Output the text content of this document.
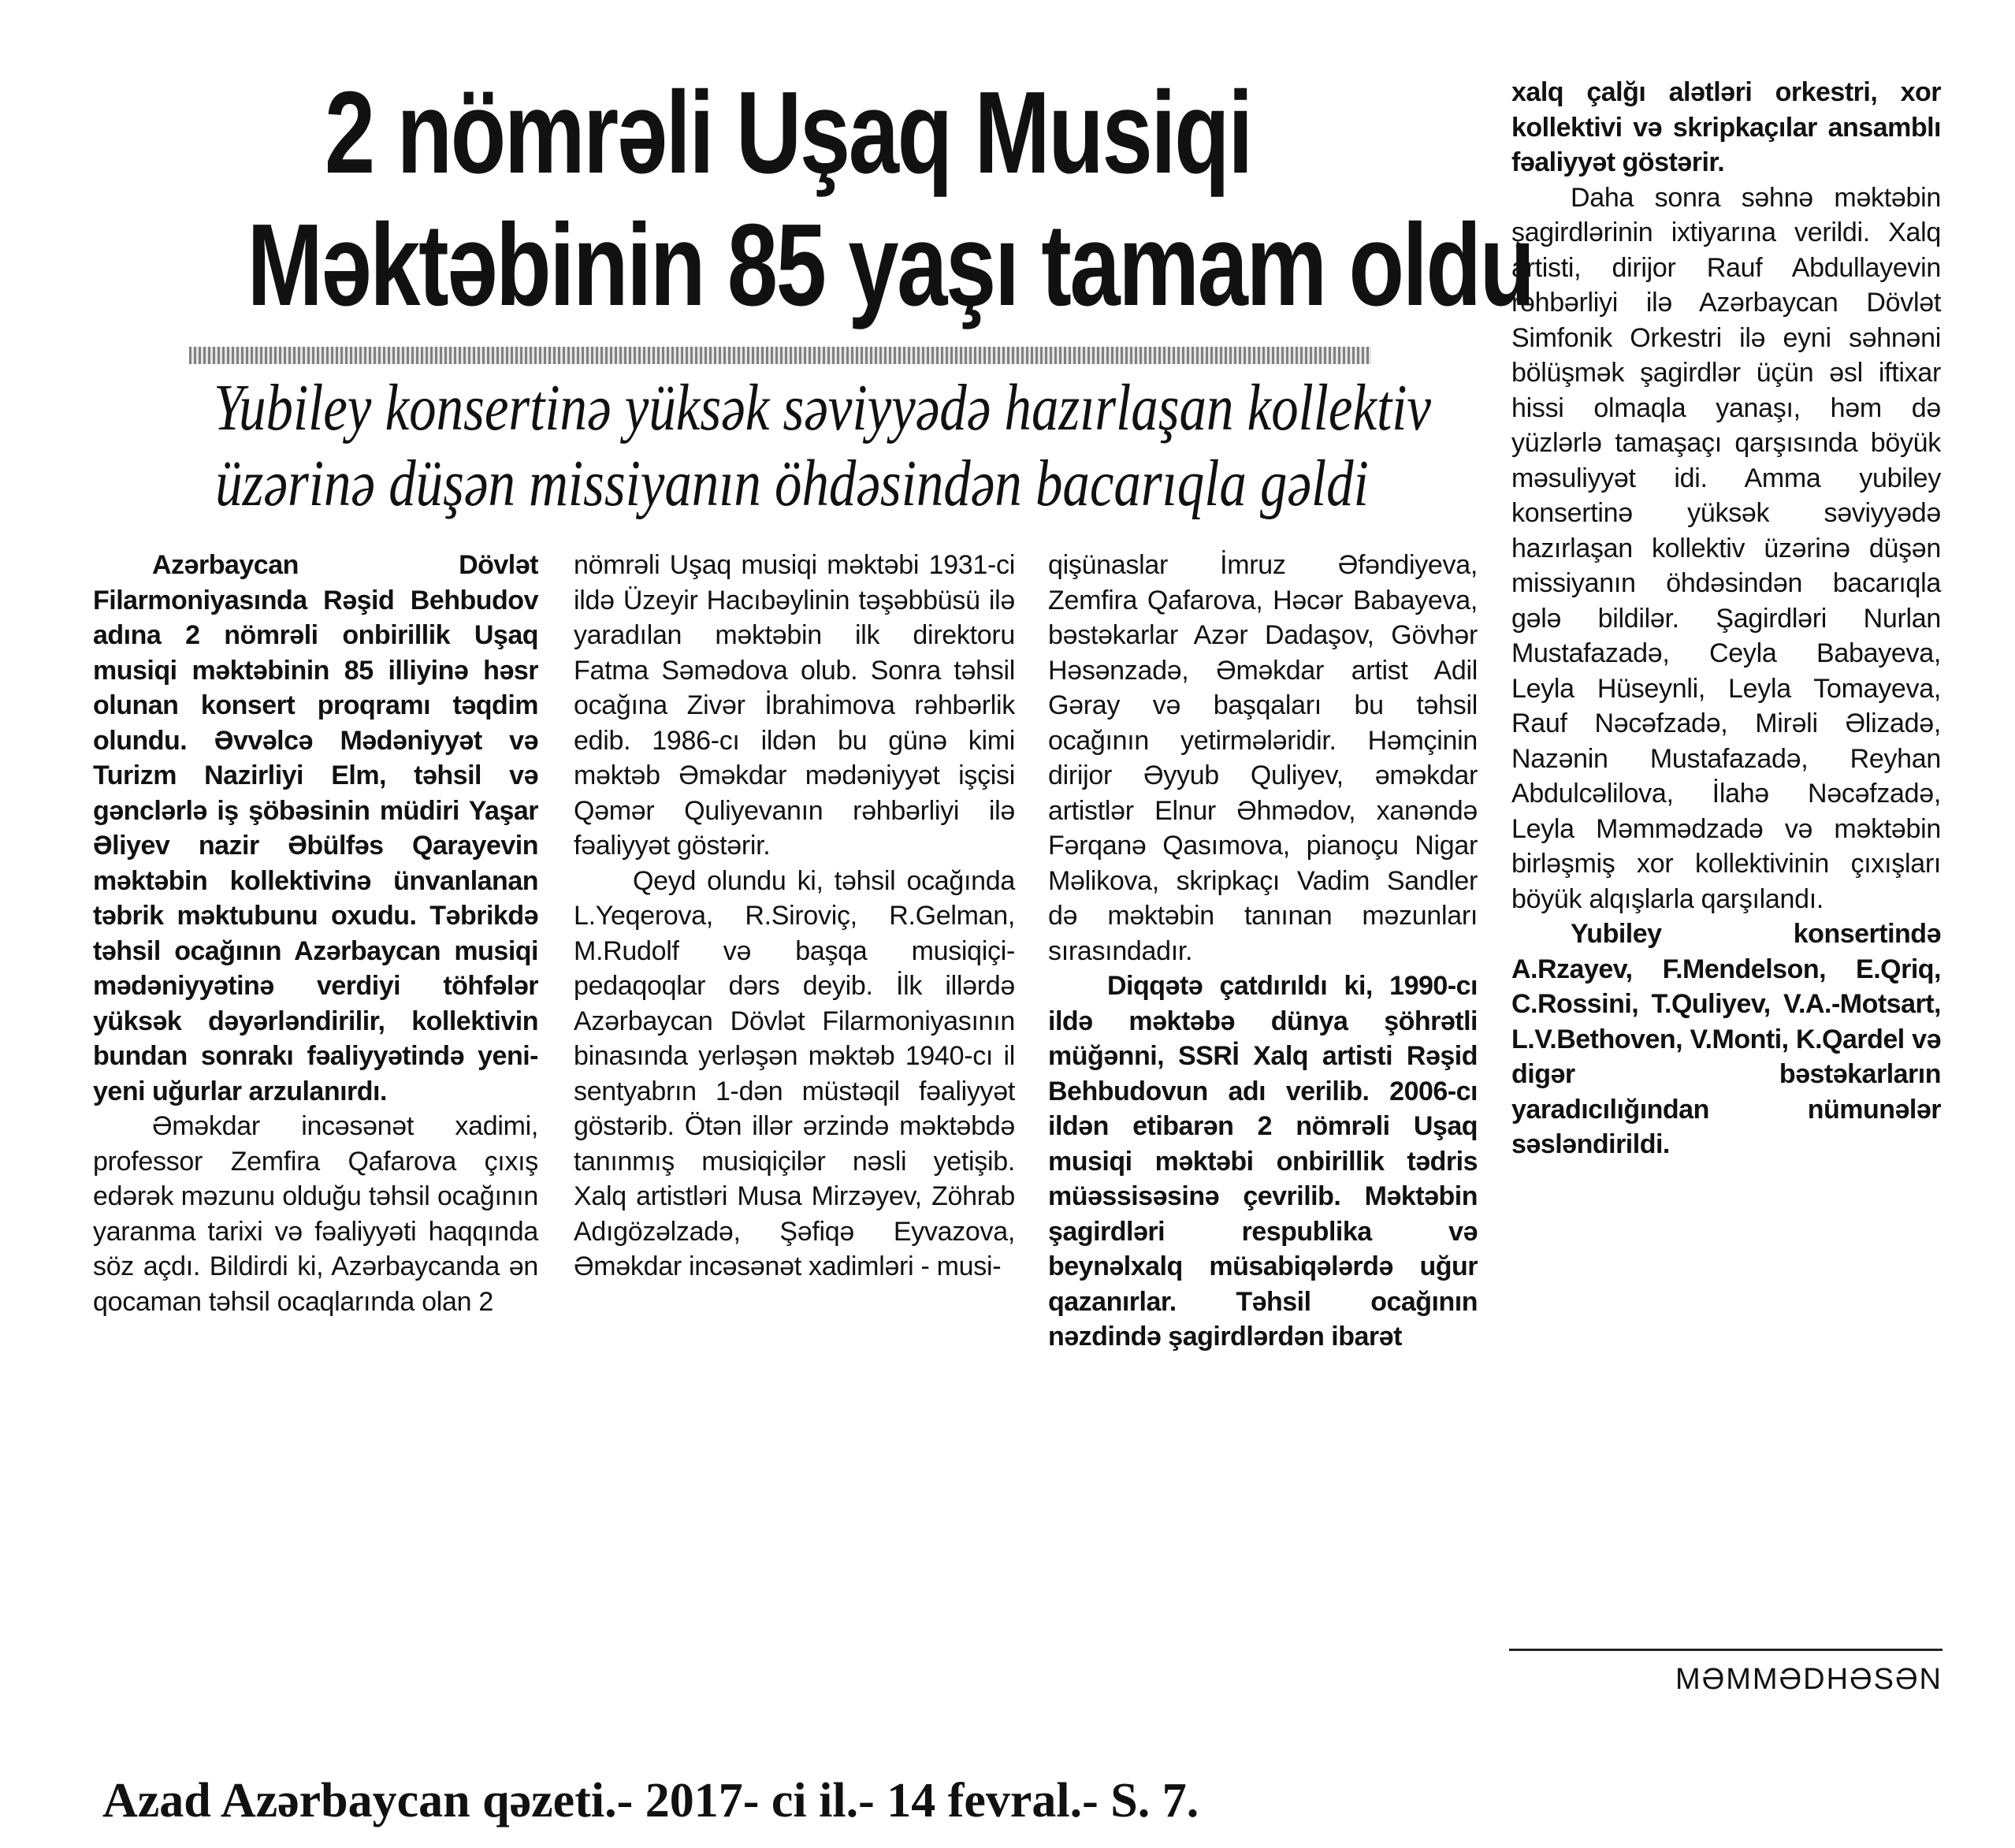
2 nömrəli Uşaq Musiqi
Məktəbinin 85 yaşı tamam oldu
Yubiley konsertinə yüksək səviyyədə hazırlaşan kollektiv
üzərinə düşən missiyanın öhdəsindən bacarıqla gəldi

Azərbaycan Dövlət Filarmoniyasında Rəşid Behbudov adına 2 nömrəli onbirillik Uşaq musiqi məktəbinin 85 illiyinə həsr olunan konsert proqramı təqdim olundu. Əvvəlcə Mədəniyyət və Turizm Nazirliyi Elm, təhsil və gənclərlə iş şöbəsinin müdiri Yaşar Əliyev nazir Əbülfəs Qarayevin məktəbin kollektivinə ünvanlanan təbrik məktubunu oxudu. Təbrikdə təhsil ocağının Azərbaycan musiqi mədəniyyətinə verdiyi töhfələr yüksək dəyərləndirilir, kollektivin bundan sonrakı fəaliyyətində yeni-yeni uğurlar arzulanırdı.

Əməkdar incəsənət xadimi, professor Zemfira Qafarova çıxış edərək məzunu olduğu təhsil ocağının yaranma tarixi və fəaliyyəti haqqında söz açdı. Bildirdi ki, Azərbaycanda ən qocaman təhsil ocaqlarında olan 2

nömrəli Uşaq musiqi məktəbi 1931-ci ildə Üzeyir Hacıbəylinin təşəbbüsü ilə yaradılan məktəbin ilk direktoru Fatma Səmədova olub. Sonra təhsil ocağına Zivər İbrahimova rəhbərlik edib. 1986-cı ildən bu günə kimi məktəb Əməkdar mədəniyyət işçisi Qəmər Quliyevanın rəhbərliyi ilə fəaliyyət göstərir.

Qeyd olundu ki, təhsil ocağında L.Yeqerova, R.Siroviç, R.Gelman, M.Rudolf və başqa musiqiçi-pedaqoqlar dərs deyib. İlk illərdə Azərbaycan Dövlət Filarmoniyasının binasında yerləşən məktəb 1940-cı il sentyabrın 1-dən müstəqil fəaliyyət göstərib. Ötən illər ərzində məktəbdə tanınmış musiqiçilər nəsli yetişib. Xalq artistləri Musa Mirzəyev, Zöhrab Adıgözəlzadə, Şəfiqə Eyvazova, Əməkdar incəsənət xadimləri - musi-

qişünaslar İmruz Əfəndiyeva, Zemfira Qafarova, Həcər Babayeva, bəstəkarlar Azər Dadaşov, Gövhər Həsənzadə, Əməkdar artist Adil Gəray və başqaları bu təhsil ocağının yetirmələridir. Həmçinin dirijor Əyyub Quliyev, əməkdar artistlər Elnur Əhmədov, xanəndə Fərqanə Qasımova, pianoçu Nigar Məlikova, skripkaçı Vadim Sandler də məktəbin tanınan məzunları sırasındadır.

Diqqətə çatdırıldı ki, 1990-cı ildə məktəbə dünya şöhrətli müğənni, SSRİ Xalq artisti Rəşid Behbudovun adı verilib. 2006-cı ildən etibarən 2 nömrəli Uşaq musiqi məktəbi onbirillik tədris müəssisəsinə çevrilib. Məktəbin şagirdləri respublika və beynəlxalq müsabiqələrdə uğur qazanırlar. Təhsil ocağının nəzdində şagirdlərdən ibarət

xalq çalğı alətləri orkestri, xor kollektivi və skripkaçılar ansamblı fəaliyyət göstərir.

Daha sonra səhnə məktəbin şagirdlərinin ixtiyarına verildi. Xalq artisti, dirijor Rauf Abdullayevin rəhbərliyi ilə Azərbaycan Dövlət Simfonik Orkestri ilə eyni səhnəni bölüşmək şagirdlər üçün əsl iftixar hissi olmaqla yanaşı, həm də yüzlərlə tamaşaçı qarşısında böyük məsuliyyət idi. Amma yubiley konsertinə yüksək səviyyədə hazırlaşan kollektiv üzərinə düşən missiyanın öhdəsindən bacarıqla gələ bildilər. Şagirdləri Nurlan Mustafazadə, Ceyla Babayeva, Leyla Hüseynli, Leyla Tomayeva, Rauf Nəcəfzadə, Mirəli Əlizadə, Nazənin Mustafazadə, Reyhan Abdulcəlilova, İlahə Nəcəfzadə, Leyla Məmmədzadə və məktəbin birləşmiş xor kollektivinin çıxışları böyük alqışlarla qarşılandı.

Yubiley konsertində A.Rzayev, F.Mendelson, E.Qriq, C.Rossini, T.Quliyev, V.A.-Motsart, L.V.Bethoven, V.Monti, K.Qardel və digər bəstəkarların yaradıcılığından nümunələr səsləndirildi.

MƏMMƏDHƏSƏN
Azad Azərbaycan qəzeti.- 2017- ci il.- 14 fevral.- S. 7.
